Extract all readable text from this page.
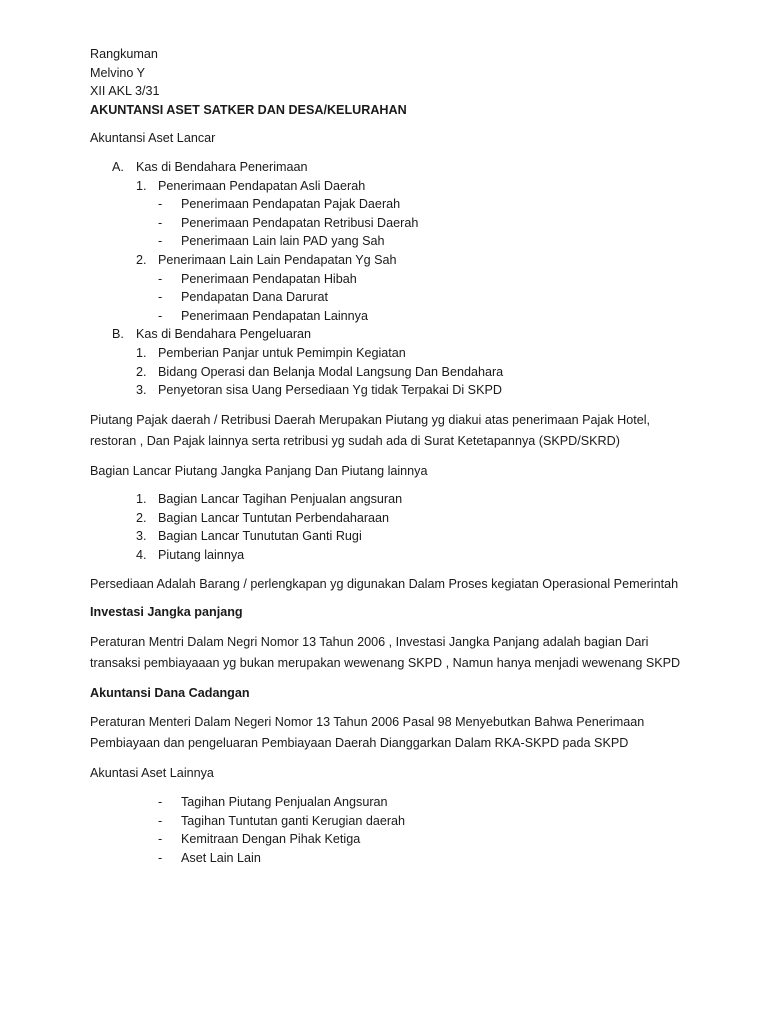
Rangkuman
Melvino Y
XII AKL 3/31
AKUNTANSI ASET SATKER DAN DESA/KELURAHAN
Akuntansi Aset Lancar
A. Kas di Bendahara Penerimaan
1. Penerimaan Pendapatan Asli Daerah
- Penerimaan Pendapatan Pajak Daerah
- Penerimaan Pendapatan Retribusi Daerah
- Penerimaan Lain lain PAD yang Sah
2. Penerimaan Lain Lain Pendapatan Yg Sah
- Penerimaan Pendapatan Hibah
- Pendapatan Dana Darurat
- Penerimaan Pendapatan Lainnya
B. Kas di Bendahara Pengeluaran
1. Pemberian Panjar untuk Pemimpin Kegiatan
2. Bidang Operasi dan Belanja Modal Langsung Dan Bendahara
3. Penyetoran sisa Uang Persediaan Yg tidak Terpakai Di SKPD
Piutang Pajak daerah / Retribusi Daerah Merupakan Piutang yg diakui atas penerimaan Pajak Hotel,
restoran , Dan Pajak lainnya serta retribusi yg sudah ada di Surat Ketetapannya (SKPD/SKRD)
Bagian Lancar Piutang Jangka Panjang Dan Piutang lainnya
1. Bagian Lancar Tagihan Penjualan angsuran
2. Bagian Lancar Tuntutan Perbendaharaan
3. Bagian Lancar Tunututan Ganti Rugi
4. Piutang lainnya
Persediaan Adalah Barang / perlengkapan yg digunakan Dalam Proses kegiatan Operasional Pemerintah
Investasi Jangka panjang
Peraturan Mentri Dalam Negri Nomor 13 Tahun 2006 , Investasi Jangka Panjang adalah bagian Dari
transaksi pembiayaaan yg bukan merupakan wewenang SKPD , Namun hanya menjadi wewenang SKPD
Akuntansi Dana Cadangan
Peraturan Menteri Dalam Negeri Nomor 13 Tahun 2006 Pasal 98 Menyebutkan Bahwa Penerimaan
Pembiayaan dan pengeluaran Pembiayaan Daerah Dianggarkan Dalam RKA-SKPD pada SKPD
Akuntasi Aset Lainnya
- Tagihan Piutang Penjualan Angsuran
- Tagihan Tuntutan ganti Kerugian daerah
- Kemitraan Dengan Pihak Ketiga
- Aset Lain Lain
